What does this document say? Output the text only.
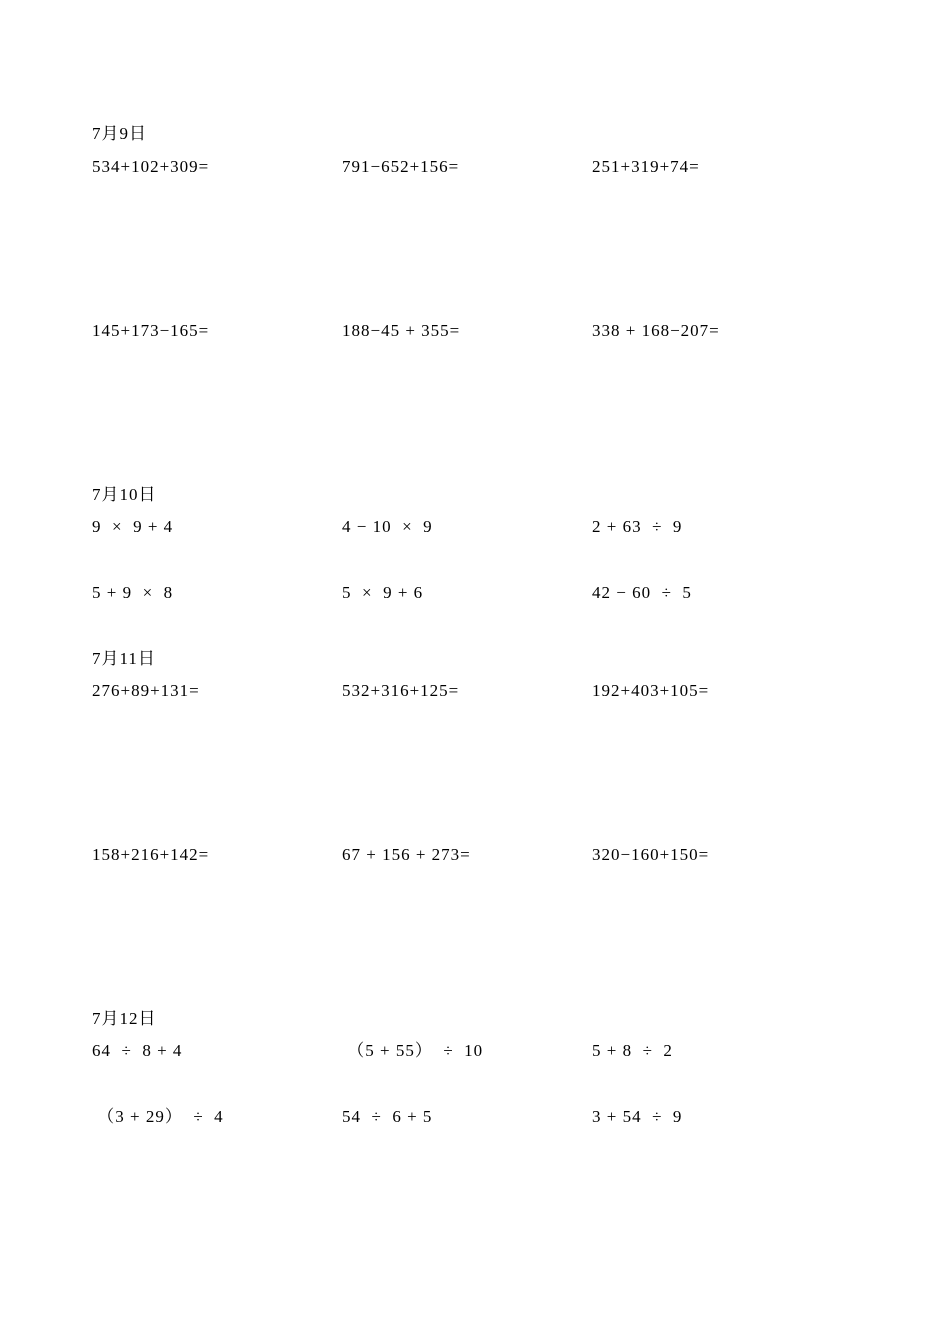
7月9日
534+102+309=	791−652+156=	251+319+74=
145+173−165=	188−45 + 355=	338 + 168−207=
7月10日
9  ×  9 + 4	4 − 10  ×  9	2 + 63  ÷  9
5 + 9  ×  8	5  ×  9 + 6	42 − 60  ÷  5
7月11日
276+89+131=	532+316+125=	192+403+105=
158+216+142=	67 + 156 + 273=	320−160+150=
7月12日
64  ÷  8 + 4	（5 + 55）  ÷  10	5 + 8  ÷  2
（3 + 29）  ÷  4	54  ÷  6 + 5	3 + 54  ÷  9
